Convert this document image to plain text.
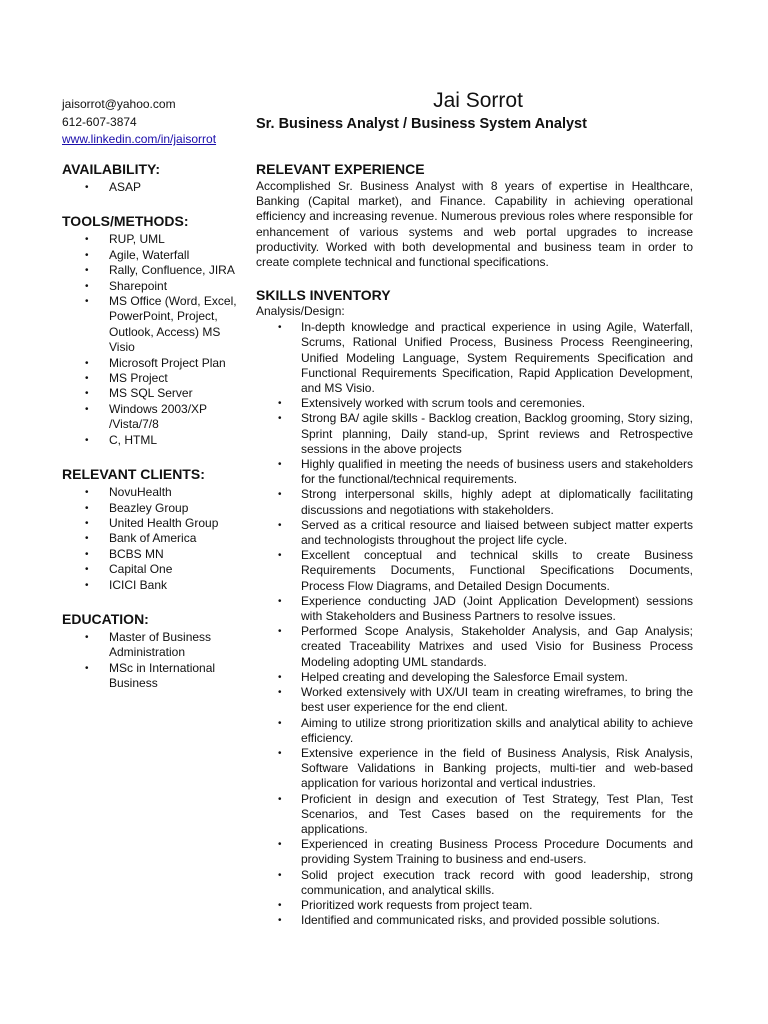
jaisorrot@yahoo.com
612-607-3874
www.linkedin.com/in/jaisorrot
Jai Sorrot
Sr. Business Analyst / Business System Analyst
AVAILABILITY:
• ASAP
TOOLS/METHODS:
• RUP, UML
• Agile, Waterfall
• Rally, Confluence, JIRA
• Sharepoint
• MS Office (Word, Excel, PowerPoint, Project, Outlook, Access) MS Visio
• Microsoft Project Plan
• MS Project
• MS SQL Server
• Windows 2003/XP /Vista/7/8
• C, HTML
RELEVANT CLIENTS:
• NovuHealth
• Beazley Group
• United Health Group
• Bank of America
• BCBS MN
• Capital One
• ICICI Bank
EDUCATION:
• Master of Business Administration
• MSc in International Business
RELEVANT EXPERIENCE
Accomplished Sr. Business Analyst with 8 years of expertise in Healthcare, Banking (Capital market), and Finance. Capability in achieving operational efficiency and increasing revenue. Numerous previous roles where responsible for enhancement of various systems and web portal upgrades to increase productivity. Worked with both developmental and business team in order to create complete technical and functional specifications.
SKILLS INVENTORY
Analysis/Design:
• In-depth knowledge and practical experience in using Agile, Waterfall, Scrums, Rational Unified Process, Business Process Reengineering, Unified Modeling Language, System Requirements Specification and Functional Requirements Specification, Rapid Application Development, and MS Visio.
• Extensively worked with scrum tools and ceremonies.
• Strong BA/ agile skills - Backlog creation, Backlog grooming, Story sizing, Sprint planning, Daily stand-up, Sprint reviews and Retrospective sessions in the above projects
• Highly qualified in meeting the needs of business users and stakeholders for the functional/technical requirements.
• Strong interpersonal skills, highly adept at diplomatically facilitating discussions and negotiations with stakeholders.
• Served as a critical resource and liaised between subject matter experts and technologists throughout the project life cycle.
• Excellent conceptual and technical skills to create Business Requirements Documents, Functional Specifications Documents, Process Flow Diagrams, and Detailed Design Documents.
• Experience conducting JAD (Joint Application Development) sessions with Stakeholders and Business Partners to resolve issues.
• Performed Scope Analysis, Stakeholder Analysis, and Gap Analysis; created Traceability Matrixes and used Visio for Business Process Modeling adopting UML standards.
• Helped creating and developing the Salesforce Email system.
• Worked extensively with UX/UI team in creating wireframes, to bring the best user experience for the end client.
• Aiming to utilize strong prioritization skills and analytical ability to achieve efficiency.
• Extensive experience in the field of Business Analysis, Risk Analysis, Software Validations in Banking projects, multi-tier and web-based application for various horizontal and vertical industries.
• Proficient in design and execution of Test Strategy, Test Plan, Test Scenarios, and Test Cases based on the requirements for the applications.
• Experienced in creating Business Process Procedure Documents and providing System Training to business and end-users.
• Solid project execution track record with good leadership, strong communication, and analytical skills.
• Prioritized work requests from project team.
• Identified and communicated risks, and provided possible solutions.
